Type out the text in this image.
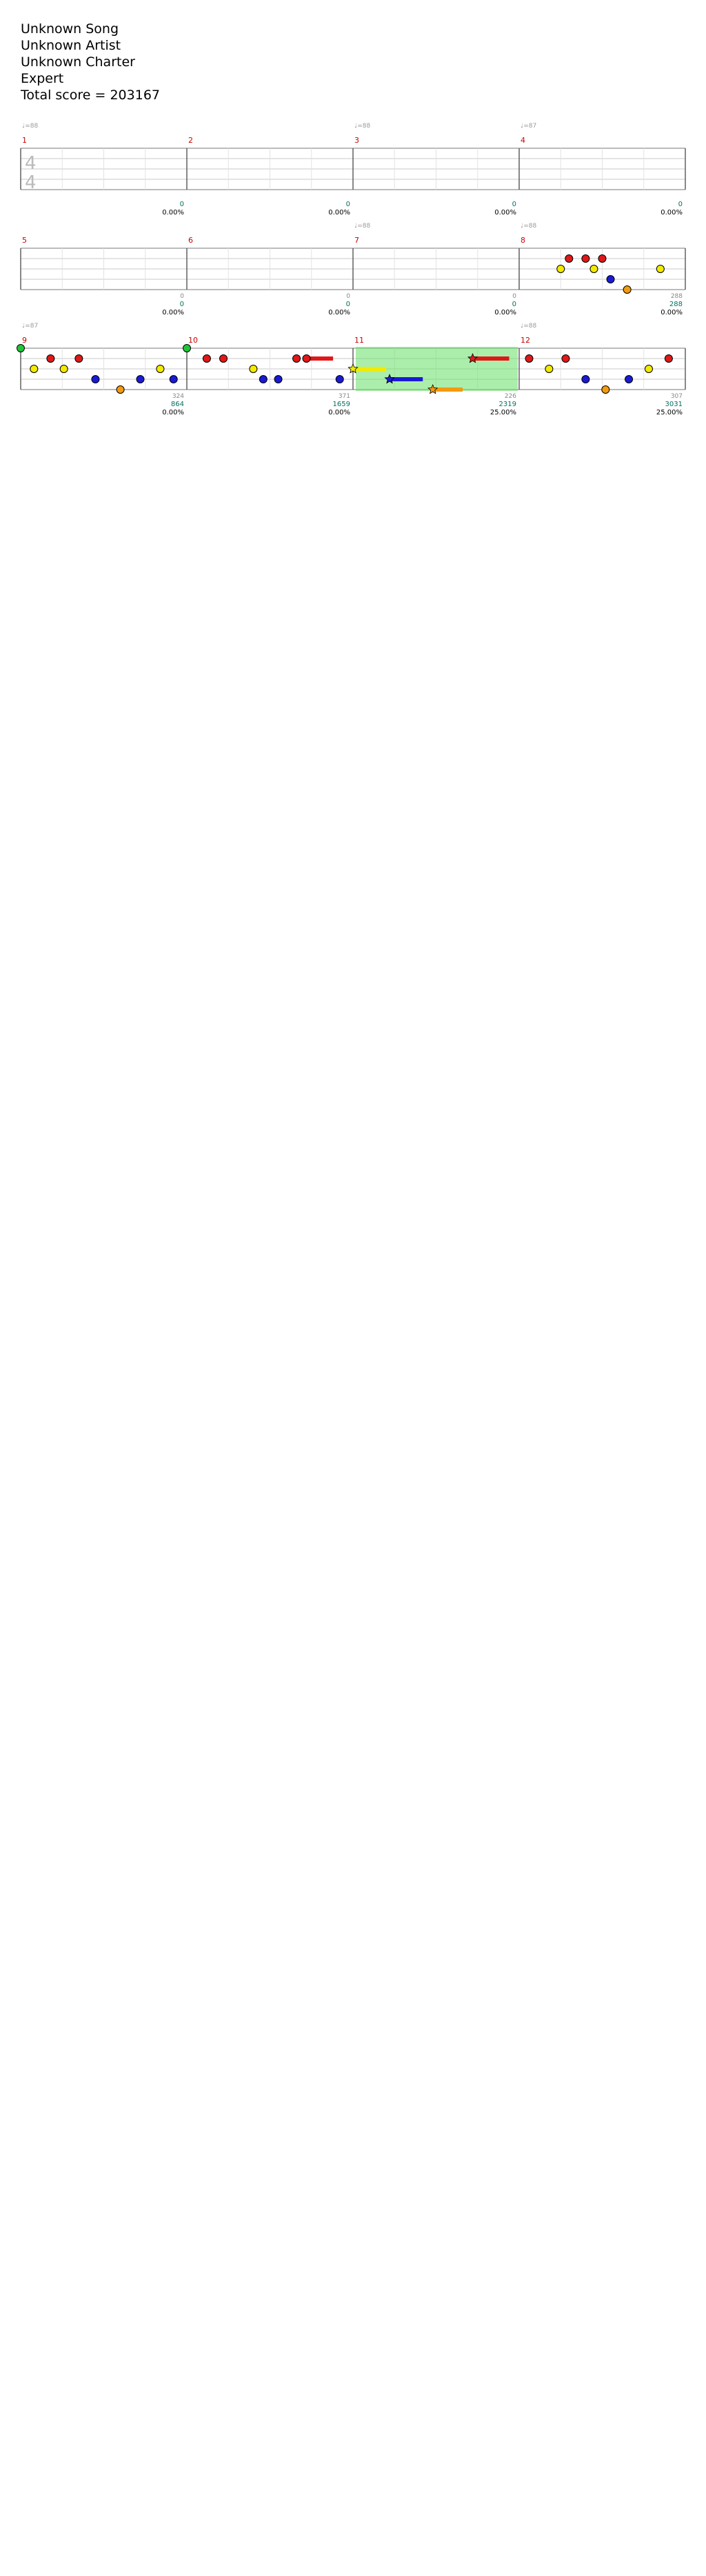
Unknown Song
Unknown Artist
Unknown Charter
Expert
Total score = 203167
1
♩=88
0
0.00%
2
0
0.00%
3
♩=88
0
0.00%
4
♩=87
0
0.00%
4
4
5
0
0
0.00%
6
0
0
0.00%
7
♩=88
0
0
0.00%
8
♩=88
288
288
0.00%
9
♩=87
324
864
0.00%
10
371
1659
0.00%
11
226
2319
25.00%
12
♩=88
307
3031
25.00%
